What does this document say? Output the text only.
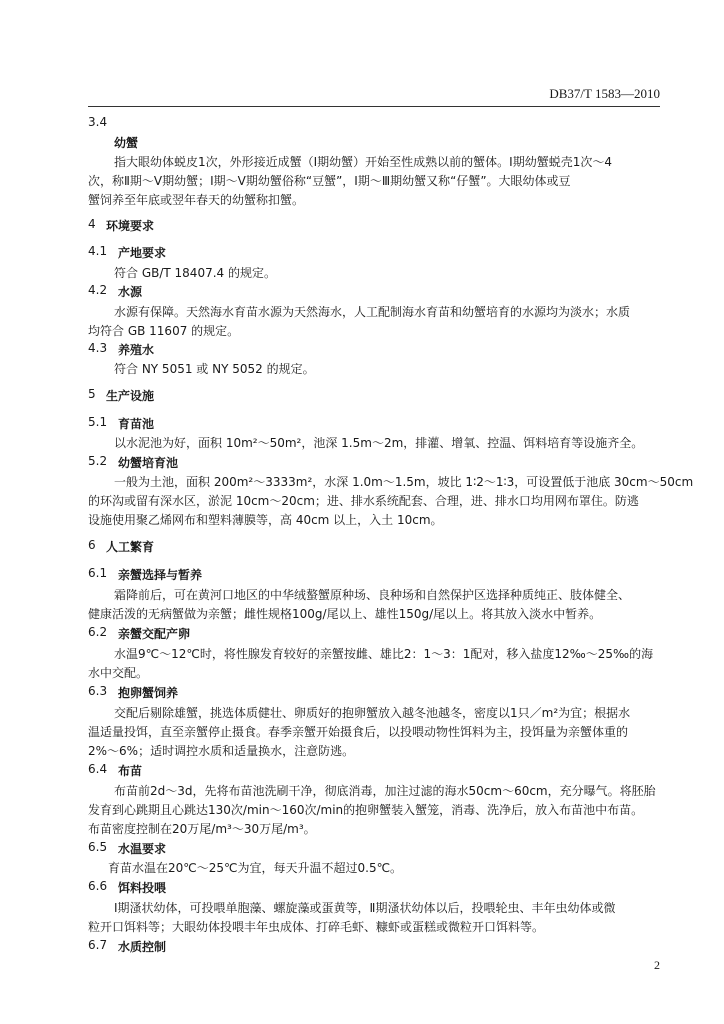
DB37/T 1583—2010
3.4
幼蟹
指大眼幼体蜕皮1次，外形接近成蟹（Ⅰ期幼蟹）开始至性成熟以前的蟹体。Ⅰ期幼蟹蜕壳1次～4
次，称Ⅱ期～Ⅴ期幼蟹；Ⅰ期～Ⅴ期幼蟹俗称“豆蟹”，Ⅰ期～Ⅲ期幼蟹又称“仔蟹”。大眼幼体或豆
蟹饲养至年底或翌年春天的幼蟹称扣蟹。
4 环境要求
4.1 产地要求
符合 GB/T 18407.4 的规定。
4.2 水源
水源有保障。天然海水育苗水源为天然海水，人工配制海水育苗和幼蟹培育的水源均为淡水；水质
均符合 GB 11607 的规定。
4.3 养殖水
符合 NY 5051 或 NY 5052 的规定。
5 生产设施
5.1 育苗池
以水泥池为好，面积 10m²～50m²，池深 1.5m～2m，排灌、增氧、控温、饵料培育等设施齐全。
5.2 幼蟹培育池
一般为土池，面积 200m²～3333m²，水深 1.0m～1.5m，坡比 1∶2～1∶3，可设置低于池底 30cm～50cm
的环沟或留有深水区，淤泥 10cm～20cm；进、排水系统配套、合理，进、排水口均用网布罩住。防逃
设施使用聚乙烯网布和塑料薄膜等，高 40cm 以上，入土 10cm。
6 人工繁育
6.1 亲蟹选择与暂养
霜降前后，可在黄河口地区的中华绒螯蟹原种场、良种场和自然保护区选择种质纯正、肢体健全、
健康活泼的无病蟹做为亲蟹；雌性规格100g/尾以上、雄性150g/尾以上。将其放入淡水中暂养。
6.2 亲蟹交配产卵
水温9℃～12℃时，将性腺发育较好的亲蟹按雌、雄比2：1～3：1配对，移入盐度12‰～25‰的海
水中交配。
6.3 抱卵蟹饲养
交配后剔除雄蟹，挑选体质健壮、卵质好的抱卵蟹放入越冬池越冬，密度以1只／m²为宜；根据水
温适量投饵，直至亲蟹停止摄食。春季亲蟹开始摄食后，以投喂动物性饵料为主，投饵量为亲蟹体重的
2%～6%；适时调控水质和适量换水，注意防逃。
6.4 布苗
布苗前2d～3d，先将布苗池洗刷干净，彻底消毒，加注过滤的海水50cm～60cm，充分曝气。将胚胎
发育到心跳期且心跳达130次/min～160次/min的抱卵蟹装入蟹笼，消毒、洗净后，放入布苗池中布苗。
布苗密度控制在20万尾/m³～30万尾/m³。
6.5 水温要求
育苗水温在20℃～25℃为宜，每天升温不超过0.5℃。
6.6 饵料投喂
Ⅰ期溞状幼体，可投喂单胞藻、螺旋藻或蛋黄等，Ⅱ期溞状幼体以后，投喂轮虫、丰年虫幼体或微
粒开口饵料等；大眼幼体投喂丰年虫成体、打碎毛虾、糠虾或蛋糕或微粒开口饵料等。
6.7 水质控制
2
